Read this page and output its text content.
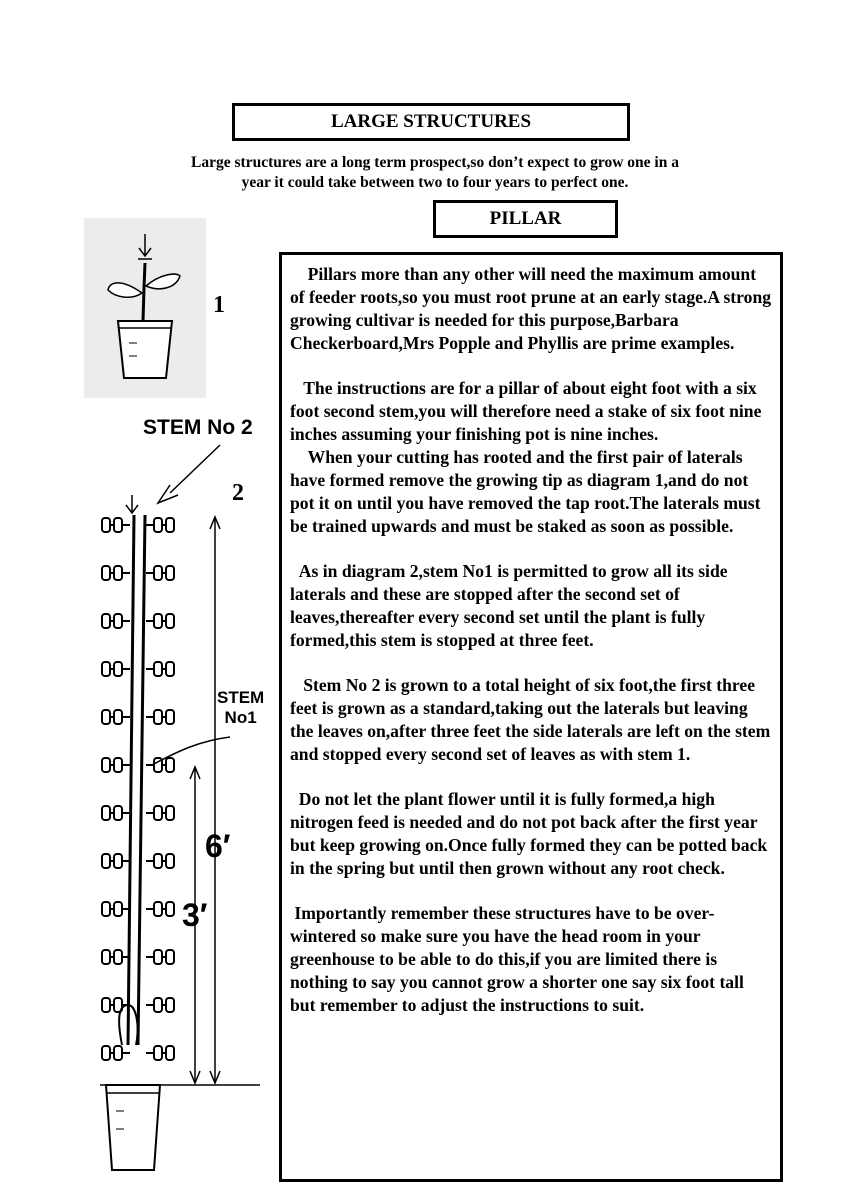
LARGE STRUCTURES
Large structures are a long term prospect,so don’t expect to grow one in a
year it could take between two to four years to perfect one.
PILLAR
1
STEM No 2
2
STEM
No1
6′
3′

Pillars more than any other will need the maximum amount of feeder roots,so you must root prune at an early stage.A strong growing cultivar is needed for this purpose,Barbara Checkerboard,Mrs Popple and Phyllis are prime examples.

The instructions are for a pillar of about eight foot with a six foot second stem,you will therefore need a stake of six foot nine inches assuming your finishing pot is nine inches.

When your cutting has rooted and the first pair of laterals have formed remove the growing tip as diagram 1,and do not pot it on until you have removed the tap root.The laterals must be trained upwards and must be staked as soon as possible.

As in diagram 2,stem No1 is permitted to grow all its side laterals and these are stopped after the second set of leaves,thereafter every second set until the plant is fully formed,this stem is stopped at three feet.

Stem No 2 is grown to a total height of six foot,the first three feet is grown as a standard,taking out the laterals but leaving the leaves on,after three feet the side laterals are left on the stem and stopped every second set of leaves as with stem 1.

Do not let the plant flower until it is fully formed,a high nitrogen feed is needed and do not pot back after the first year but keep growing on.Once fully formed they can be potted back in the spring but until then grown without any root check.

Importantly remember these structures have to be over-wintered so make sure you have the head room in your greenhouse to be able to do this,if you are limited there is nothing to say you cannot grow a shorter one say six foot tall but remember to adjust the instructions to suit.
